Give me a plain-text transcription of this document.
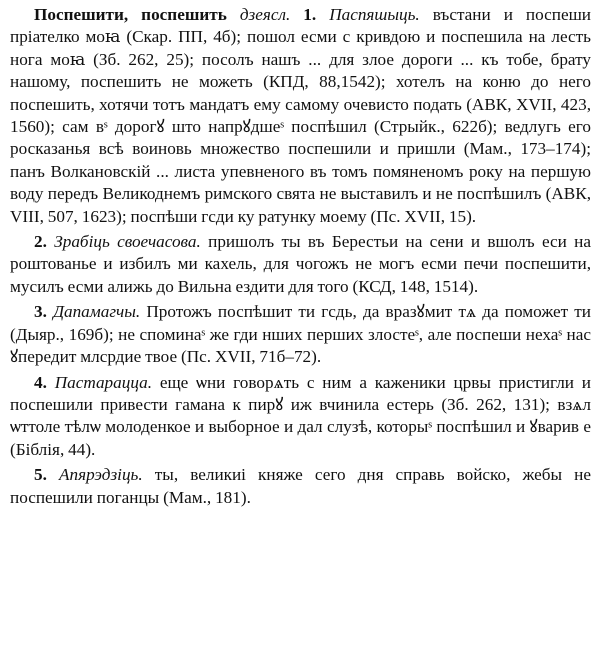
Поспешити, поспешить дзеясл. 1. Паспяшыць. въстани и поспеши пріателко моꙗ (Скар. ПП, 4б); пошол есми с кривдою и поспешила на лесть нога моꙗ (Зб. 262, 25); посолъ нашъ ... для злое дороги ... къ тобе, брату нашому, поспешить не можеть (КПД, 88,1542); хотелъ на коню до него поспешить, хотячи тотъ мандатъ ему самому очевисто подать (АВК, XVII, 423, 1560); сам вˢ дорогꙋ што напрꙋдшеˢ поспѣшил (Стрыйк., 622б); ведлугь его росказанья всѣ воиновь множество поспешили и пришли (Мам., 173–174); панъ Волкановскій ... листа упевненого въ томъ помяненомъ року на першую воду передъ Великоднемъ римского свята не выставилъ и не поспѣшилъ (АВК, VIII, 507, 1623); поспѣши гсди ку ратунку моему (Пс. XVII, 15).

2. Зрабіць своечасова. пришолъ ты въ Берестьи на сени и вшолъ еси на роштованье и избилъ ми кахель, для чогожъ не могъ есми печи поспешити, мусилъ есми алижь до Вильна ездити для того (КСД, 148, 1514).

3. Дапамагчы. Протожъ поспѣшит ти гсдь, да вразꙋмит тѧ да поможет ти (Дыяр., 169б); не споминаˢ же гди нших перших злостеˢ, але поспеши нехаˢ нас ꙋпередит млсрдие твое (Пс. XVII, 71б–72).

4. Пастарацца. еще ѡни говорѧть с ним а каженики црвы пристигли и поспешили привести гамана к пирꙋ иж вчинила естерь (Зб. 262, 131); взѧл ѡттоле тѣлѡ молоденкое и выборное и дал слузѣ, которыˢ поспѣшил и ꙋварив е (Біблія, 44).

5. Апярэдзіць. ты, великиі княже сего дня справь войско, жебы не поспешили поганцы (Мам., 181).
